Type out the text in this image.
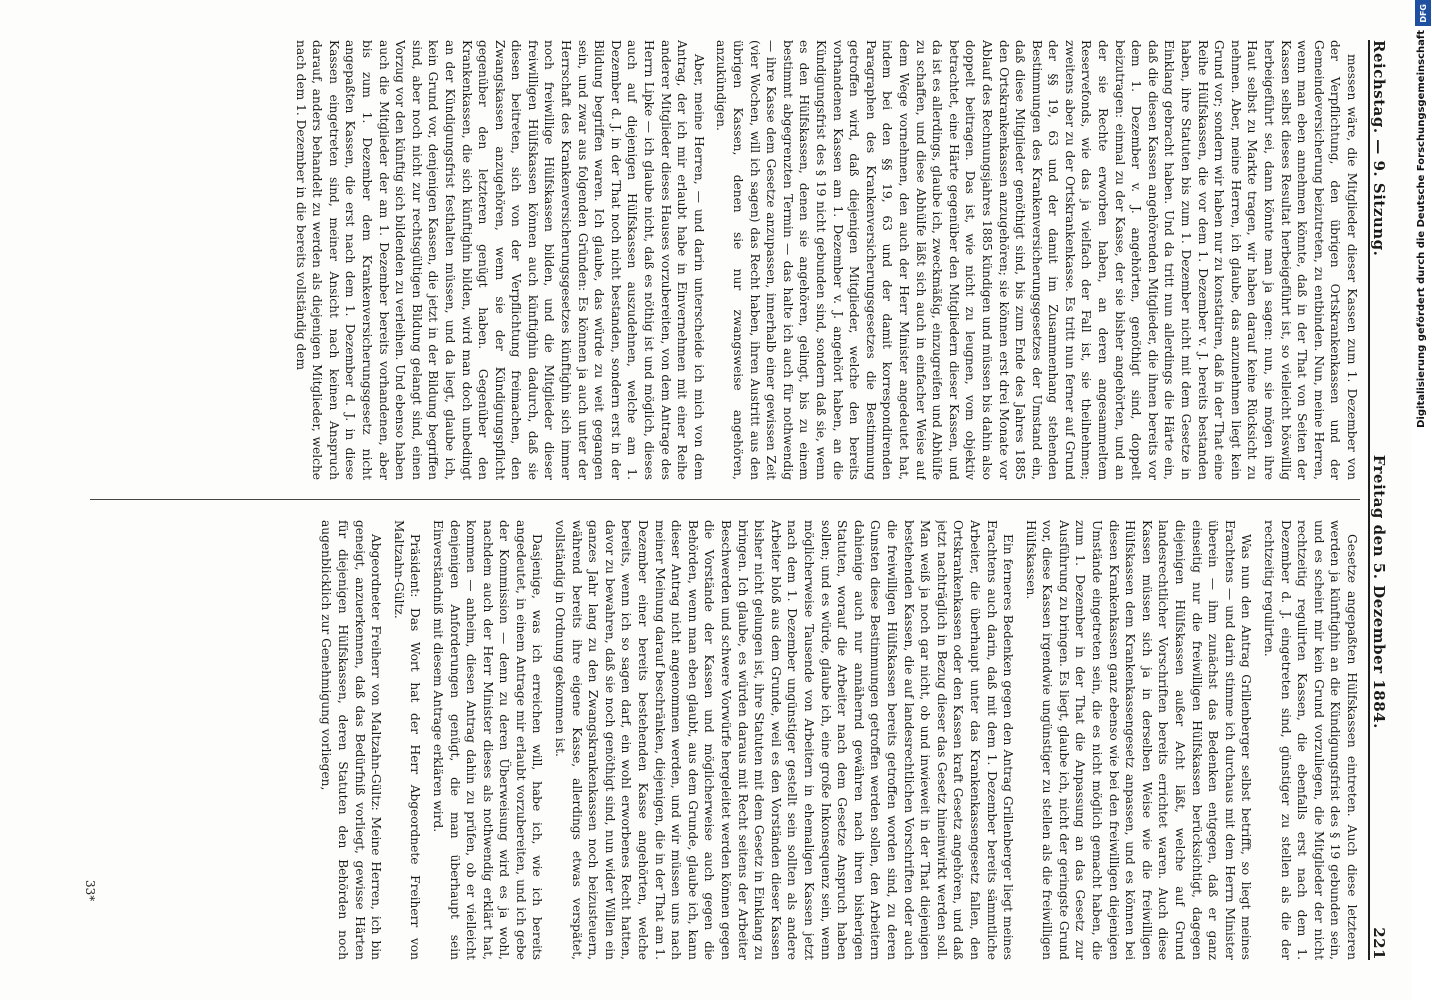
Reichstag. — 9. Sitzung.
Freitag den 5. Dezember 1884.
221

messen wäre, die Mitglieder dieser Kassen zum 1. Dezember von der Verpflichtung, den übrigen Ortskrankenkassen und der Gemeindeversicherung beizutreten, zu entbinden. Nun, meine Herren, wenn man eben annehmen könnte, daß in der That von Seiten der Kassen selbst dieses Resultat herbeigeführt ist, so vielleicht böswillig herbeigeführt sei, dann könnte man ja sagen: nun, sie mögen ihre Haut selbst zu Markte tragen, wir haben darauf keine Rücksicht zu nehmen. Aber, meine Herren, ich glaube, das anzunehmen liegt kein Grund vor; sondern wir haben nur zu konstatiren, daß in der That eine Reihe Hülfskassen, die vor dem 1. Dezember v. J. bereits bestanden haben, ihre Statuten bis zum 1. Dezember nicht mit dem Gesetze in Einklang gebracht haben. Und da tritt nun allerdings die Härte ein, daß die diesen Kassen angehörenden Mitglieder, die ihnen bereits vor dem 1. Dezember v. J. angehörten, genöthigt sind, doppelt beizutragen: einmal zu der Kasse, der sie bisher angehörten, und an der sie Rechte erworben haben, an deren angesammeltem Reservefonds, wie das ja vielfach der Fall ist, sie theilnehmen; zweitens aber zu der Ortskrankenkasse. Es tritt nun ferner auf Grund der §§ 19, 63 und der damit im Zusammenhang stehenden Bestimmungen des Krankenversicherungsgesetzes der Umstand ein, daß diese Mitglieder genöthigt sind, bis zum Ende des Jahres 1885 den Ortskrankenkassen anzugehören; sie können erst drei Monate vor Ablauf des Rechnungsjahres 1885 kündigen und müssen bis dahin also doppelt beitragen. Das ist, wie nicht zu leugnen, vom objektiv betrachtet, eine Härte gegenüber den Mitgliedern dieser Kassen, und da ist es allerdings, glaube ich, zweckmäßig, einzugreifen und Abhülfe zu schaffen, und diese Abhülfe läßt sich auch in einfacher Weise auf dem Wege vornehmen, den auch der Herr Minister angedeutet hat, indem bei den §§ 19, 63 und der damit korrespondirenden Paragraphen des Krankenversicherungsgesetzes die Bestimmung getroffen wird, daß diejenigen Mitglieder, welche den bereits vorhandenen Kassen am 1. Dezember v. J. angehört haben, an die Kündigungsfrist des § 19 nicht gebunden sind, sondern daß sie, wenn es den Hülfskassen, denen sie angehören, gelingt, bis zu einem bestimmt abgegrenzten Termin — das halte ich auch für nothwendig — ihre Kasse dem Gesetze anzupassen, innerhalb einer gewissen Zeit (vier Wochen, will ich sagen) das Recht haben, ihren Austritt aus den übrigen Kassen, denen sie nur zwangsweise angehören, anzukündigen.

Aber, meine Herren, — und darin unterscheide ich mich von dem Antrag, der ich mir erlaubt habe in Einvernehmen mit einer Reihe anderer Mitglieder dieses Hauses vorzubereiten, von dem Antrage des Herrn Lipke — ich glaube nicht, daß es nöthig ist und möglich, dieses auch auf diejenigen Hülfskassen auszudehnen, welche am 1. Dezember d. J. in der That noch nicht bestanden, sondern erst in der Bildung begriffen waren. Ich glaube, das würde zu weit gegangen sein, und zwar aus folgenden Gründen: Es können ja auch unter der Herrschaft des Krankenversicherungsgesetzes künftighin sich immer noch freiwillige Hülfskassen bilden, und die Mitglieder dieser freiwilligen Hülfskassen können auch künftighin dadurch, daß sie diesen beitreten, sich von der Verpflichtung freimachen, den Zwangskassen anzugehören, wenn sie der Kündigungspflicht gegenüber den letzteren genügt haben. Gegenüber den Krankenkassen, die sich künftighin bilden, wird man doch unbedingt an der Kündigungsfrist festhalten müssen, und da liegt, glaube ich, kein Grund vor, denjenigen Kassen, die jetzt in der Bildung begriffen sind, aber noch nicht zur rechtsgültigen Bildung gelangt sind, einen Vorzug vor den künftig sich bildenden zu verleihen. Und ebenso haben auch die Mitglieder der am 1. Dezember bereits vorhandenen, aber bis zum 1. Dezember dem Krankenversicherungsgesetz nicht angepaßten Kassen, die erst nach dem 1. Dezember d. J. in diese Kassen eingetreten sind, meiner Ansicht nach keinen Anspruch darauf, anders behandelt zu werden als diejenigen Mitglieder, welche nach dem 1. Dezember in die bereits vollständig dem

Gesetze angepaßten Hülfskassen eintreten. Auch diese letzteren werden ja künftighin an die Kündigungsfrist des § 19 gebunden sein, und es scheint mir kein Grund vorzuliegen, die Mitglieder der nicht rechtzeitig regulirten Kassen, die ebenfalls erst nach dem 1. Dezember d. J. eingetreten sind, günstiger zu stellen als die der rechtzeitig regulirten.

Was nun den Antrag Grillenberger selbst betrifft, so liegt meines Erachtens — und darin stimme ich durchaus mit dem Herrn Minister überein — ihm zunächst das Bedenken entgegen, daß er ganz einseitig nur die freiwilligen Hülfskassen berücksichtigt, dagegen diejenigen Hülfskassen außer Acht läßt, welche auf Grund landesrechtlicher Vorschriften bereits errichtet waren. Auch diese Kassen müssen sich ja in derselben Weise wie die freiwilligen Hülfskassen dem Krankenkassengesetz anpassen, und es können bei diesen Krankenkassen ganz ebenso wie bei den freiwilligen diejenigen Umstände eingetreten sein, die es nicht möglich gemacht haben, die zum 1. Dezember in der That die Anpassung an das Gesetz zur Ausführung zu bringen. Es liegt, glaube ich, nicht der geringste Grund vor, diese Kassen irgendwie ungünstiger zu stellen als die freiwilligen Hülfskassen.

Ein ferneres Bedenken gegen den Antrag Grillenberger liegt meines Erachtens auch darin, daß mit dem 1. Dezember bereits sämmtliche Arbeiter, die überhaupt unter das Krankenkassengesetz fallen, den Ortskrankenkassen oder den Kassen kraft Gesetz angehören, und daß jetzt nachträglich in Bezug dieser das Gesetz hineinwirkt werden soll. Man weiß ja noch gar nicht, ob und inwieweit in der That diejenigen bestehenden Kassen, die auf landesrechtlichen Vorschriften oder auch die freiwilligen Hülfskassen bereits getroffen worden sind, zu deren Gunsten diese Bestimmungen getroffen werden sollen, den Arbeitern dahienige auch nur annähernd gewähren nach ihren bisherigen Statuten, worauf die Arbeiter nach dem Gesetze Anspruch haben sollen; und es würde, glaube ich, eine große Inkonsequenz sein, wenn möglicherweise Tausende von Arbeitern in ehemaligen Kassen jetzt nach dem 1. Dezember ungünstiger gestellt sein sollten als andere Arbeiter bloß aus dem Grunde, weil es den Vorständen dieser Kassen bisher nicht gelungen ist, ihre Statuten mit dem Gesetz in Einklang zu bringen. Ich glaube, es würden daraus mit Recht seitens der Arbeiter Beschwerden und schwere Vorwürfe hergeleitet werden können gegen die Vorstände der Kassen und möglicherweise auch gegen die Behörden, wenn man eben glaubt, aus dem Grunde, glaube ich, kann dieser Antrag nicht angenommen werden, und wir müssen uns nach meiner Meinung darauf beschränken, diejenigen, die in der That am 1. Dezember einer bereits bestehenden Kasse angehörten, welche bereits, wenn ich so sagen darf, ein wohl erworbenes Recht hatten, davor zu bewahren, daß sie noch genöthigt sind, nun wider Willen ein ganzes Jahr lang zu den Zwangskrankenkassen noch beizusteuern, während bereits ihre eigene Kasse, allerdings etwas verspätet, vollständig in Ordnung gekommen ist.

Dasjenige, was ich erreichen will, habe ich, wie ich bereits angedeutet, in einem Antrage mir erlaubt vorzubereiten, und ich gebe der Kommission — denn zu deren Überweisung wird es ja wohl, nachdem auch der Herr Minister dieses als nothwendig erklärt hat, kommen — anheim, diesen Antrag dahin zu prüfen, ob er vielleicht denjenigen Anforderungen genügt, die man überhaupt sein Einverständniß mit diesem Antrage erklären wird.

Präsident: Das Wort hat der Herr Abgeordnete Freiherr von Maltzahn-Gültz.

Abgeordneter Freiherr von Maltzahn-Gültz: Meine Herren, ich bin geneigt, anzuerkennen, daß das Bedürfniß vorliegt, gewisse Härten für diejenigen Hülfskassen, deren Statuten den Behörden noch augenblicklich zur Genehmigung vorliegen,

33*
DFG
Digitalisierung gefördert durch die Deutsche Forschungsgemeinschaft
